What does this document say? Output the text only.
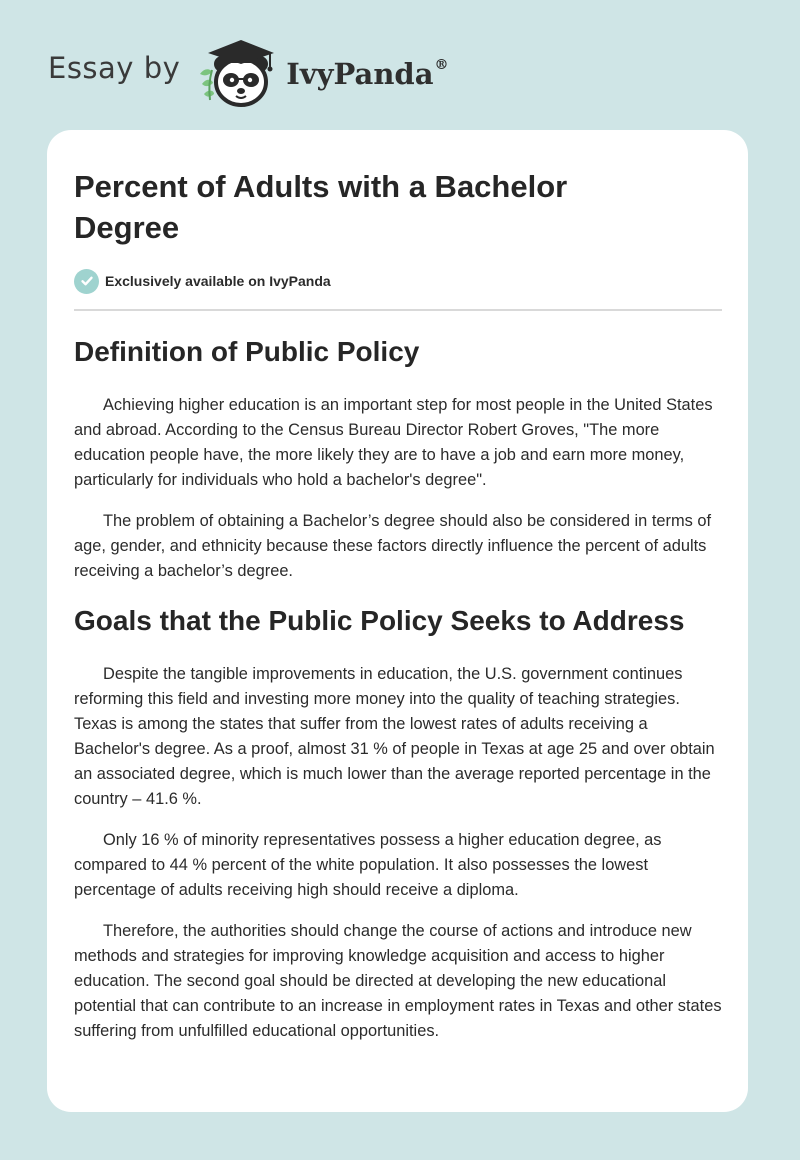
Essay by	IvyPanda®
Percent of Adults with a Bachelor Degree
Exclusively available on IvyPanda
Definition of Public Policy

Achieving higher education is an important step for most people in the United States and abroad. According to the Census Bureau Director Robert Groves, "The more education people have, the more likely they are to have a job and earn more money, particularly for individuals who hold a bachelor's degree".

The problem of obtaining a Bachelor’s degree should also be considered in terms of age, gender, and ethnicity because these factors directly influence the percent of adults receiving a bachelor’s degree.

Goals that the Public Policy Seeks to Address

Despite the tangible improvements in education, the U.S. government continues reforming this field and investing more money into the quality of teaching strategies. Texas is among the states that suffer from the lowest rates of adults receiving a Bachelor's degree. As a proof, almost 31 % of people in Texas at age 25 and over obtain an associated degree, which is much lower than the average reported percentage in the country – 41.6 %.

Only 16 % of minority representatives possess a higher education degree, as compared to 44 % percent of the white population. It also possesses the lowest percentage of adults receiving high should receive a diploma.

Therefore, the authorities should change the course of actions and introduce new methods and strategies for improving knowledge acquisition and access to higher education. The second goal should be directed at developing the new educational potential that can contribute to an increase in employment rates in Texas and other states suffering from unfulfilled educational opportunities.
